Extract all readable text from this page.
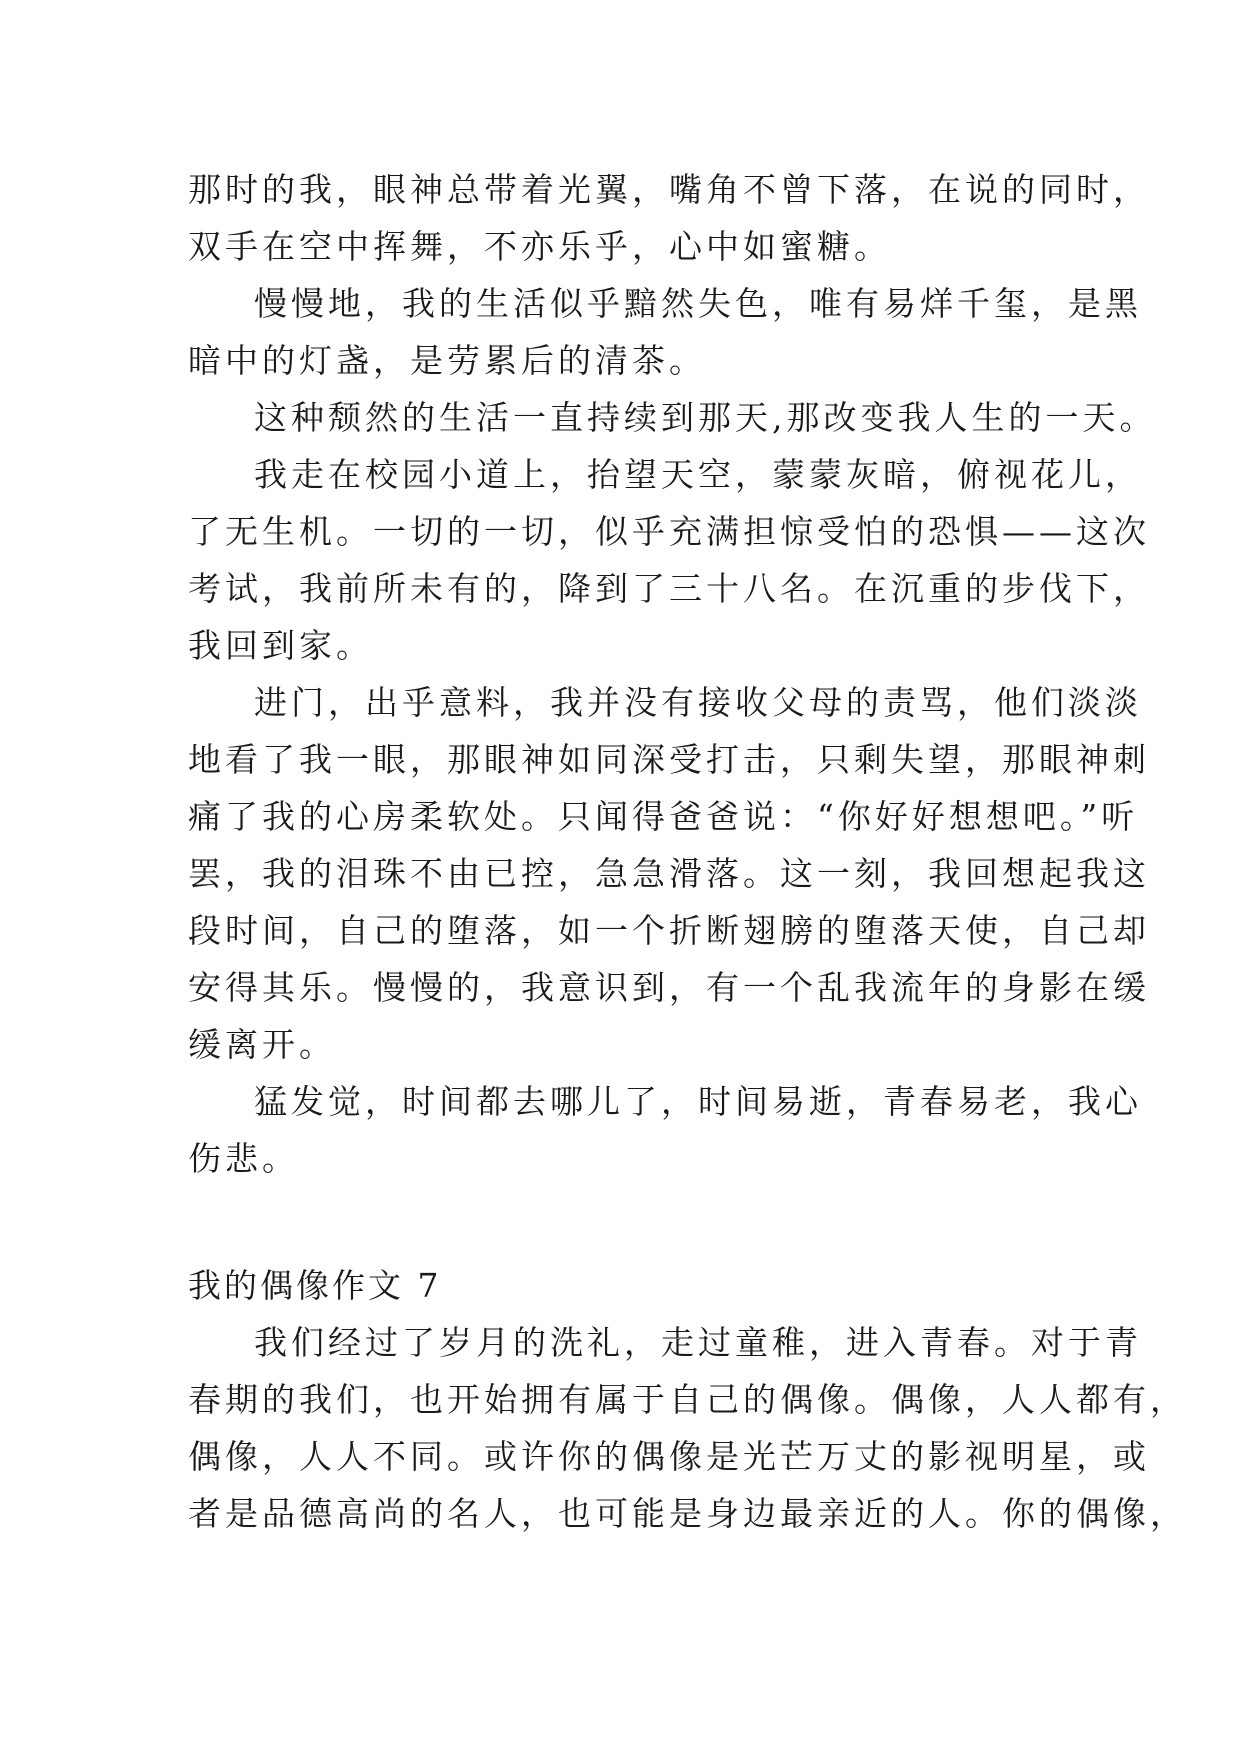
那时的我，眼神总带着光翼，嘴角不曾下落，在说的同时，
双手在空中挥舞，不亦乐乎，心中如蜜糖。
慢慢地，我的生活似乎黯然失色，唯有易烊千玺，是黑
暗中的灯盏，是劳累后的清茶。
这种颓然的生活一直持续到那天,那改变我人生的一天。
我走在校园小道上，抬望天空，蒙蒙灰暗，俯视花儿，
了无生机。一切的一切，似乎充满担惊受怕的恐惧——这次
考试，我前所未有的，降到了三十八名。在沉重的步伐下，
我回到家。
进门，出乎意料，我并没有接收父母的责骂，他们淡淡
地看了我一眼，那眼神如同深受打击，只剩失望，那眼神刺
痛了我的心房柔软处。只闻得爸爸说：“你好好想想吧。”听
罢，我的泪珠不由已控，急急滑落。这一刻，我回想起我这
段时间，自己的堕落，如一个折断翅膀的堕落天使，自己却
安得其乐。慢慢的，我意识到，有一个乱我流年的身影在缓
缓离开。
猛发觉，时间都去哪儿了，时间易逝，青春易老，我心
伤悲。
我的偶像作文 7
我们经过了岁月的洗礼，走过童稚，进入青春。对于青
春期的我们，也开始拥有属于自己的偶像。偶像，人人都有，
偶像，人人不同。或许你的偶像是光芒万丈的影视明星，或
者是品德高尚的名人，也可能是身边最亲近的人。你的偶像，
